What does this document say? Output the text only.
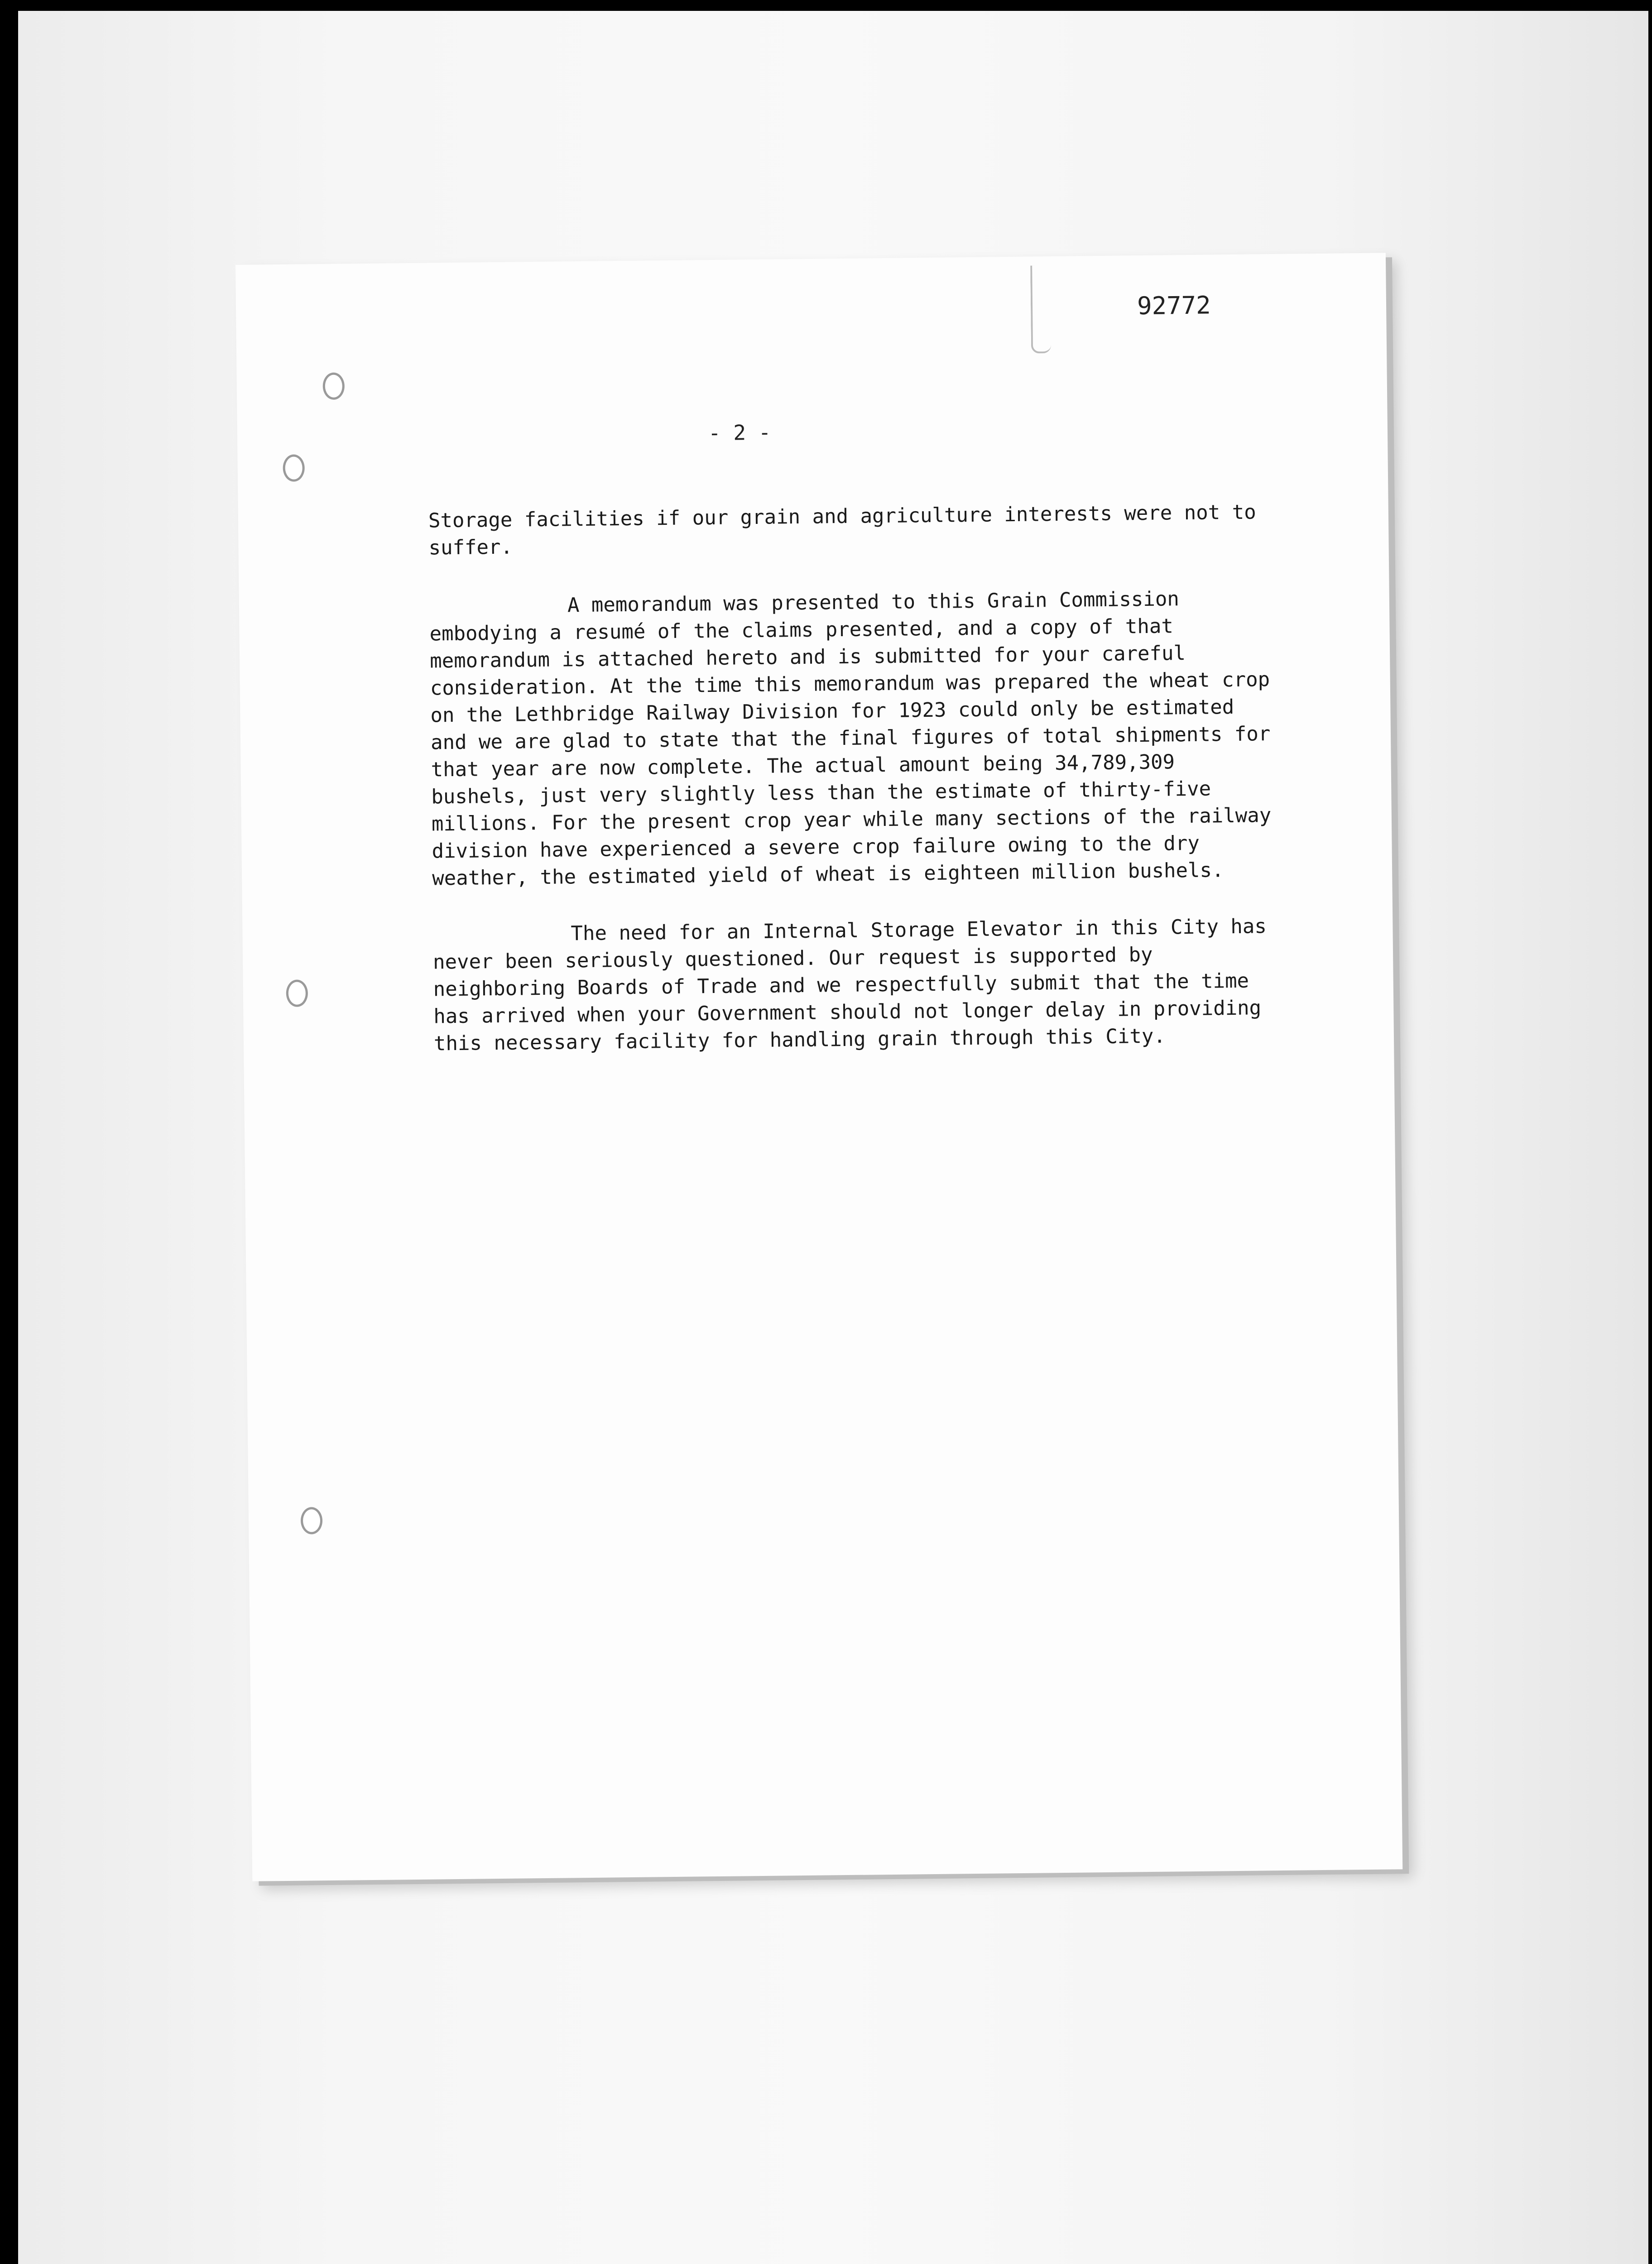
92772
- 2 -

Storage facilities if our grain and agriculture interests were not to suffer.

A memorandum was presented to this Grain Commission embodying a resumé of the claims presented, and a copy of that memorandum is attached hereto and is submitted for your careful consideration. At the time this memorandum was prepared the wheat crop on the Lethbridge Railway Division for 1923 could only be estimated and we are glad to state that the final figures of total shipments for that year are now complete. The actual amount being 34,789,309 bushels, just very slightly less than the estimate of thirty-five millions. For the present crop year while many sections of the railway division have experienced a severe crop failure owing to the dry weather, the estimated yield of wheat is eighteen million bushels.

The need for an Internal Storage Elevator in this City has never been seriously questioned. Our request is supported by neighboring Boards of Trade and we respectfully submit that the time has arrived when your Government should not longer delay in providing this necessary facility for handling grain through this City.
